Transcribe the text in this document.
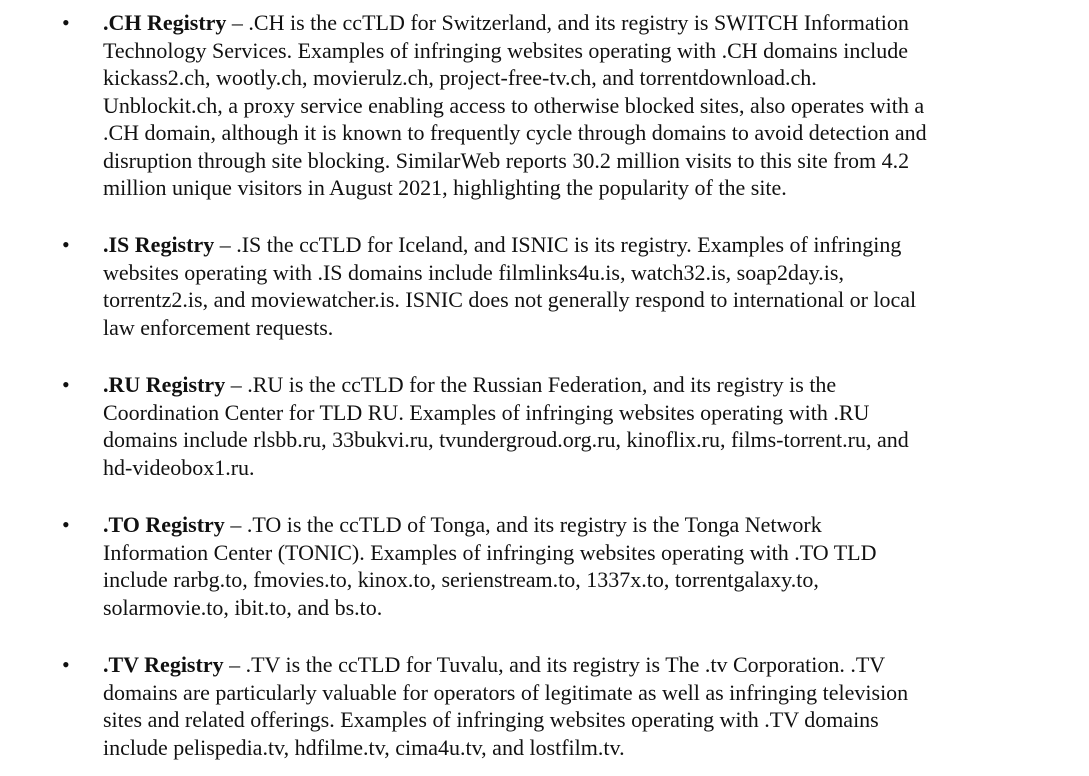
• .CH Registry – .CH is the ccTLD for Switzerland, and its registry is SWITCH Information
Technology Services. Examples of infringing websites operating with .CH domains include
kickass2.ch, wootly.ch, movierulz.ch, project-free-tv.ch, and torrentdownload.ch.
Unblockit.ch, a proxy service enabling access to otherwise blocked sites, also operates with a
.CH domain, although it is known to frequently cycle through domains to avoid detection and
disruption through site blocking. SimilarWeb reports 30.2 million visits to this site from 4.2
million unique visitors in August 2021, highlighting the popularity of the site.
• .IS Registry – .IS the ccTLD for Iceland, and ISNIC is its registry. Examples of infringing
websites operating with .IS domains include filmlinks4u.is, watch32.is, soap2day.is,
torrentz2.is, and moviewatcher.is. ISNIC does not generally respond to international or local
law enforcement requests.
• .RU Registry – .RU is the ccTLD for the Russian Federation, and its registry is the
Coordination Center for TLD RU. Examples of infringing websites operating with .RU
domains include rlsbb.ru, 33bukvi.ru, tvundergroud.org.ru, kinoflix.ru, films-torrent.ru, and
hd-videobox1.ru.
• .TO Registry – .TO is the ccTLD of Tonga, and its registry is the Tonga Network
Information Center (TONIC). Examples of infringing websites operating with .TO TLD
include rarbg.to, fmovies.to, kinox.to, serienstream.to, 1337x.to, torrentgalaxy.to,
solarmovie.to, ibit.to, and bs.to.
• .TV Registry – .TV is the ccTLD for Tuvalu, and its registry is The .tv Corporation. .TV
domains are particularly valuable for operators of legitimate as well as infringing television
sites and related offerings. Examples of infringing websites operating with .TV domains
include pelispedia.tv, hdfilme.tv, cima4u.tv, and lostfilm.tv.
